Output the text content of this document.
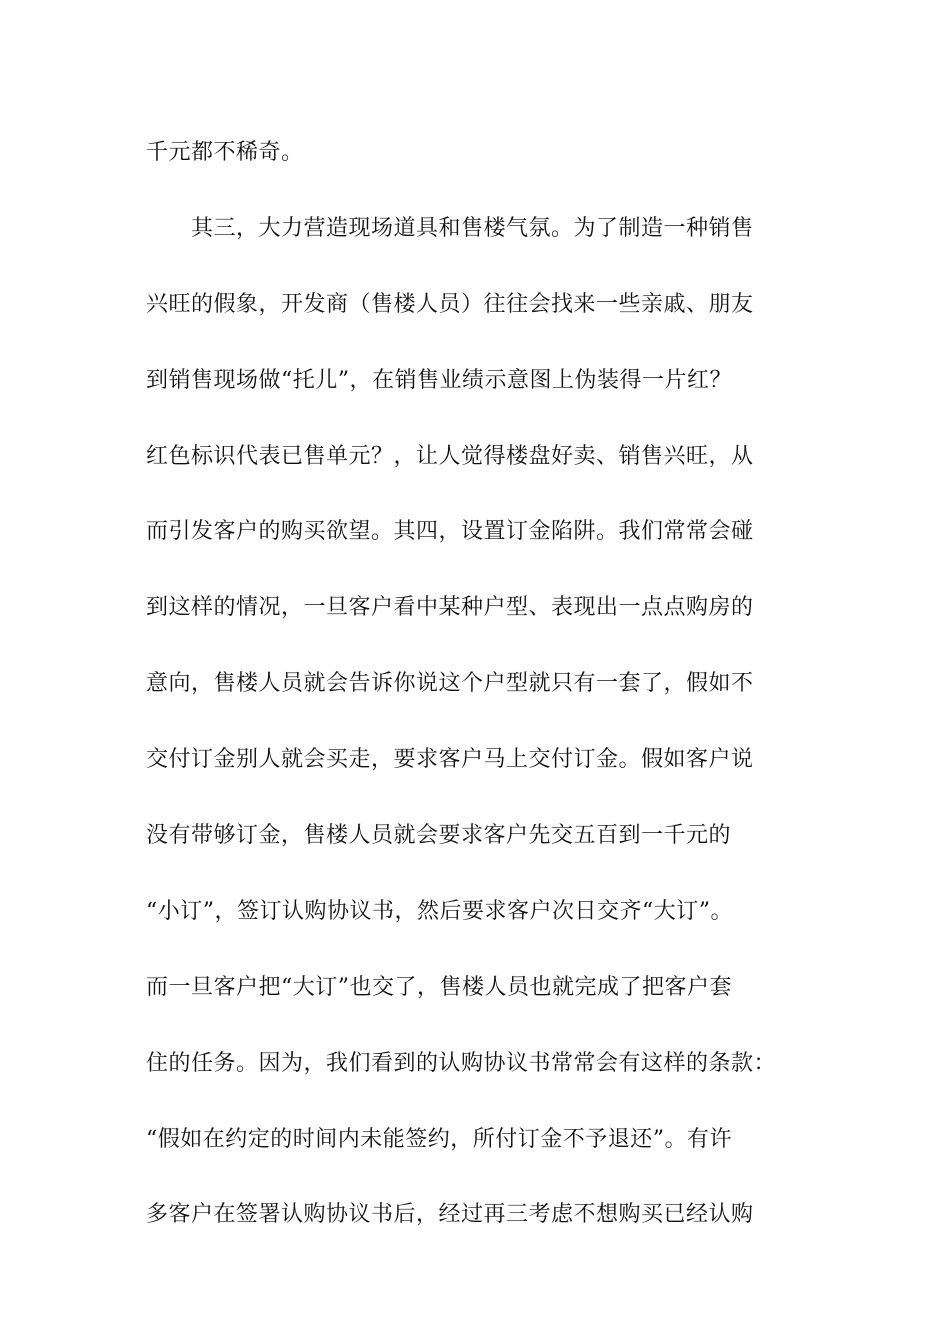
千元都不稀奇。
　　其三，大力营造现场道具和售楼气氛。为了制造一种销售
兴旺的假象，开发商（售楼人员）往往会找来一些亲戚、朋友
到销售现场做“托儿”，在销售业绩示意图上伪装得一片红？
红色标识代表已售单元？，让人觉得楼盘好卖、销售兴旺，从
而引发客户的购买欲望。其四，设置订金陷阱。我们常常会碰
到这样的情况，一旦客户看中某种户型、表现出一点点购房的
意向，售楼人员就会告诉你说这个户型就只有一套了，假如不
交付订金别人就会买走，要求客户马上交付订金。假如客户说
没有带够订金，售楼人员就会要求客户先交五百到一千元的
“小订”，签订认购协议书，然后要求客户次日交齐“大订”。
而一旦客户把“大订”也交了，售楼人员也就完成了把客户套
住的任务。因为，我们看到的认购协议书常常会有这样的条款：
“假如在约定的时间内未能签约，所付订金不予退还”。有许
多客户在签署认购协议书后，经过再三考虑不想购买已经认购
